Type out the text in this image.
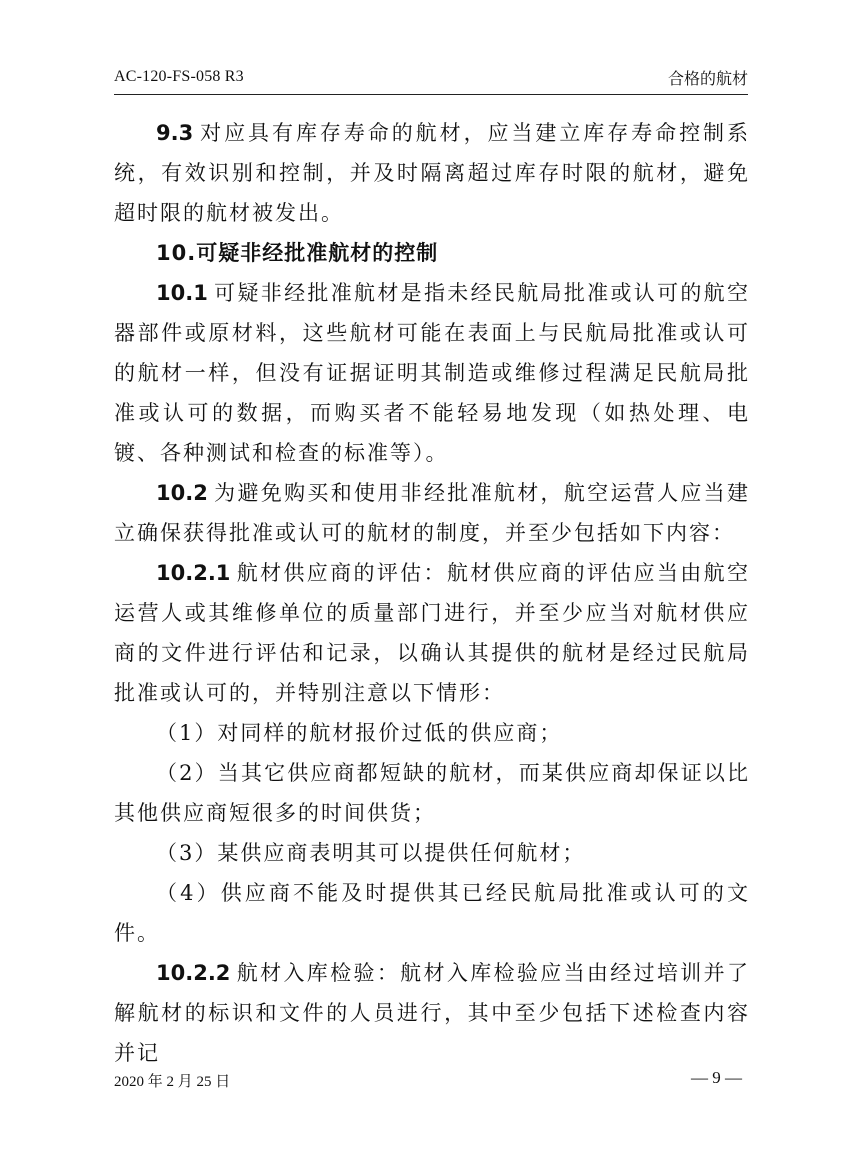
AC-120-FS-058 R3	合格的航材

9.3 对应具有库存寿命的航材，应当建立库存寿命控制系统，有效识别和控制，并及时隔离超过库存时限的航材，避免超时限的航材被发出。

10.可疑非经批准航材的控制

10.1 可疑非经批准航材是指未经民航局批准或认可的航空器部件或原材料，这些航材可能在表面上与民航局批准或认可的航材一样，但没有证据证明其制造或维修过程满足民航局批准或认可的数据，而购买者不能轻易地发现（如热处理、电镀、各种测试和检查的标准等）。

10.2 为避免购买和使用非经批准航材，航空运营人应当建立确保获得批准或认可的航材的制度，并至少包括如下内容：

10.2.1 航材供应商的评估：航材供应商的评估应当由航空运营人或其维修单位的质量部门进行，并至少应当对航材供应商的文件进行评估和记录，以确认其提供的航材是经过民航局批准或认可的，并特别注意以下情形：

（1）对同样的航材报价过低的供应商；

（2）当其它供应商都短缺的航材，而某供应商却保证以比其他供应商短很多的时间供货；

（3）某供应商表明其可以提供任何航材；

（4）供应商不能及时提供其已经民航局批准或认可的文件。

10.2.2 航材入库检验：航材入库检验应当由经过培训并了解航材的标识和文件的人员进行，其中至少包括下述检查内容并记

2020 年 2 月 25 日	— 9 —
